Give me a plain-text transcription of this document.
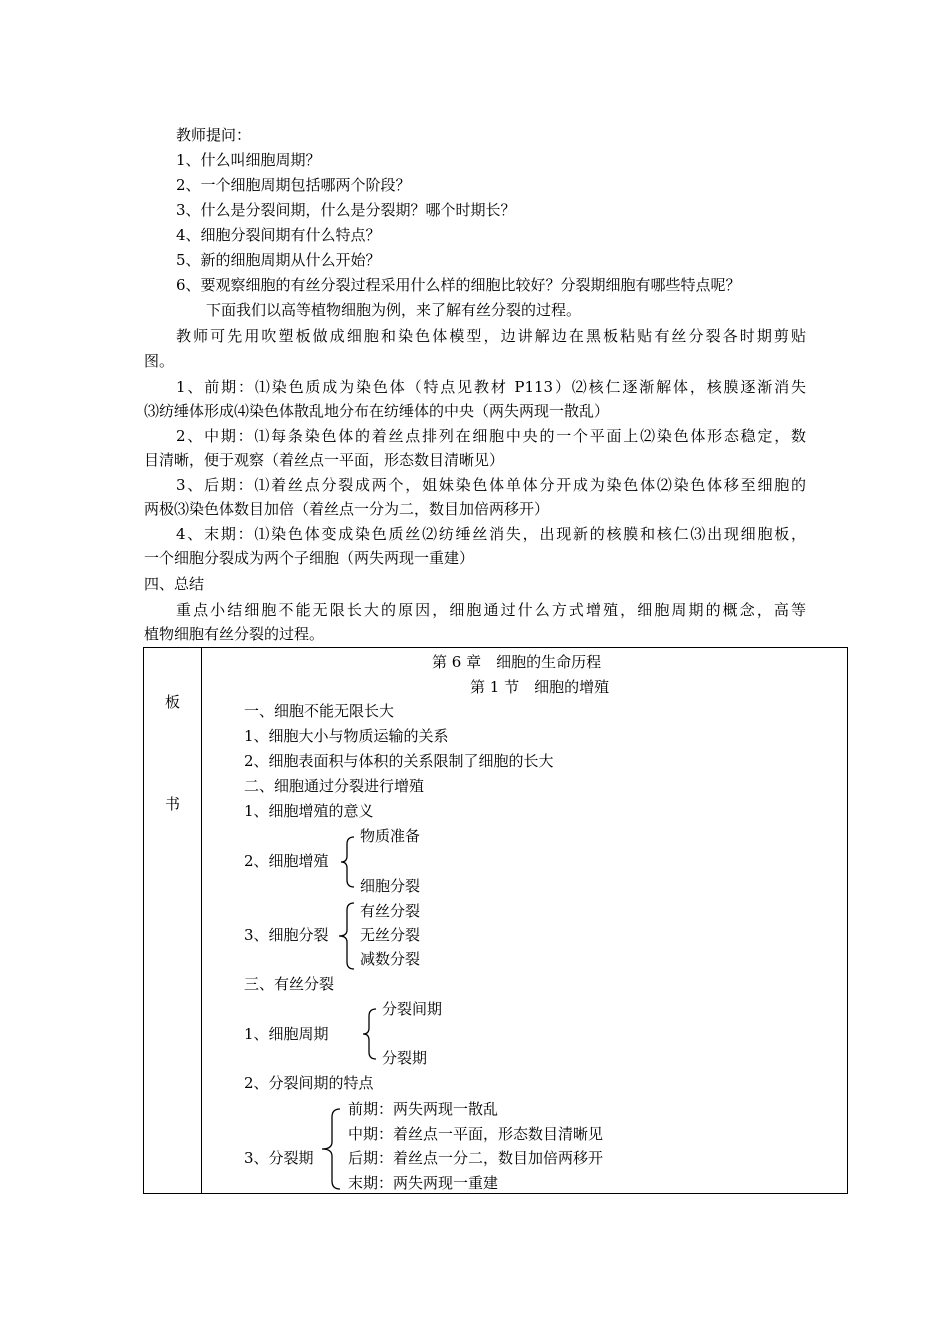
教师提问：
1、什么叫细胞周期？
2、一个细胞周期包括哪两个阶段？
3、什么是分裂间期，什么是分裂期？哪个时期长？
4、细胞分裂间期有什么特点？
5、新的细胞周期从什么开始？
6、要观察细胞的有丝分裂过程采用什么样的细胞比较好？分裂期细胞有哪些特点呢？
下面我们以高等植物细胞为例，来了解有丝分裂的过程。
教师可先用吹塑板做成细胞和染色体模型，边讲解边在黑板粘贴有丝分裂各时期剪贴
图。
1、前期：⑴染色质成为染色体（特点见教材 P113）⑵核仁逐渐解体，核膜逐渐消失
⑶纺缍体形成⑷染色体散乱地分布在纺缍体的中央（两失两现一散乱）
2、中期：⑴每条染色体的着丝点排列在细胞中央的一个平面上⑵染色体形态稳定，数
目清晰，便于观察（着丝点一平面，形态数目清晰见）
3、后期：⑴着丝点分裂成两个，姐妹染色体单体分开成为染色体⑵染色体移至细胞的
两极⑶染色体数目加倍（着丝点一分为二，数目加倍两移开）
4、末期：⑴染色体变成染色质丝⑵纺缍丝消失，出现新的核膜和核仁⑶出现细胞板，
一个细胞分裂成为两个子细胞（两失两现一重建）
四、总结
重点小结细胞不能无限长大的原因，细胞通过什么方式增殖，细胞周期的概念，高等
植物细胞有丝分裂的过程。
板
书
第 6 章　细胞的生命历程
第 1 节　细胞的增殖
一、细胞不能无限长大
1、细胞大小与物质运输的关系
2、细胞表面积与体积的关系限制了细胞的长大
二、细胞通过分裂进行增殖
1、细胞增殖的意义
2、细胞增殖
物质准备
细胞分裂
3、细胞分裂
有丝分裂
无丝分裂
减数分裂
三、有丝分裂
1、细胞周期
分裂间期
分裂期
2、分裂间期的特点
3、分裂期
前期：两失两现一散乱
中期：着丝点一平面，形态数目清晰见
后期：着丝点一分二，数目加倍两移开
末期：两失两现一重建
